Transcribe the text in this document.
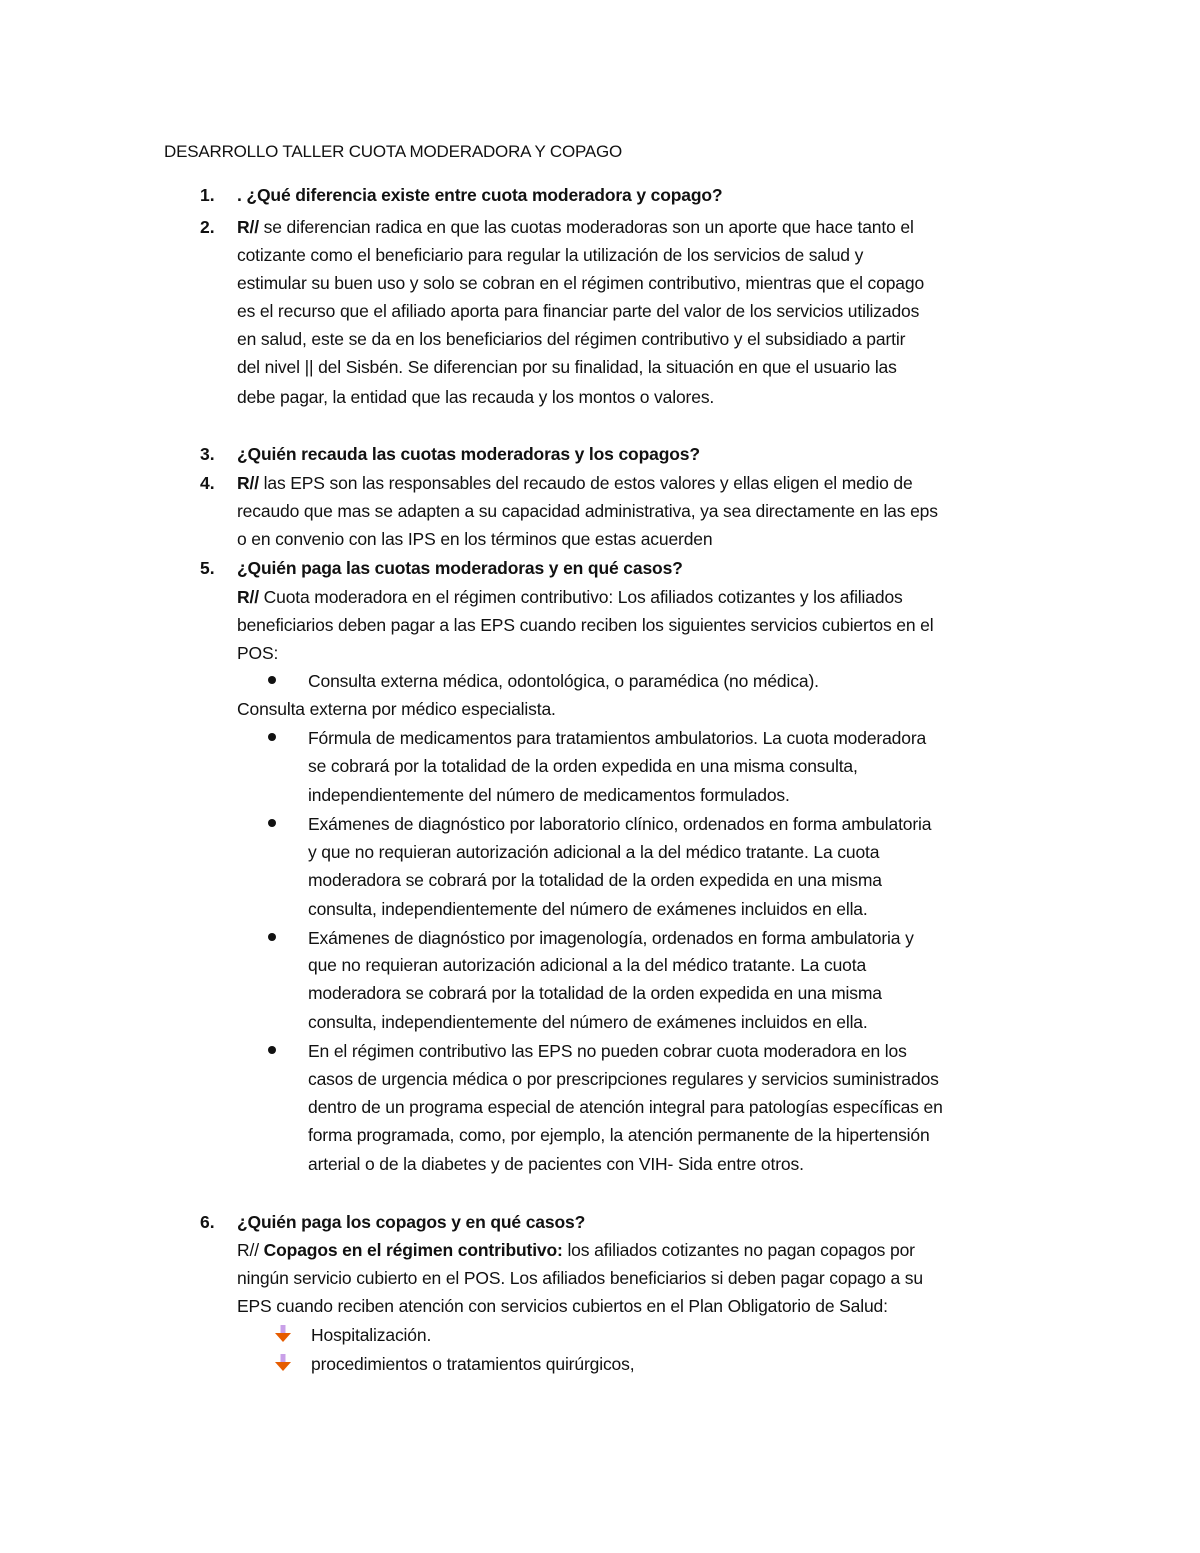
DESARROLLO TALLER CUOTA MODERADORA Y COPAGO
1. . ¿Qué diferencia existe entre cuota moderadora y copago?
2. R// se diferencian radica en que las cuotas moderadoras son un aporte que hace tanto el
cotizante como el beneficiario para regular la utilización de los servicios de salud y
estimular su buen uso y solo se cobran en el régimen contributivo, mientras que el copago
es el recurso que el afiliado aporta para financiar parte del valor de los servicios utilizados
en salud, este se da en los beneficiarios del régimen contributivo y el subsidiado a partir
del nivel || del Sisbén. Se diferencian por su finalidad, la situación en que el usuario las
debe pagar, la entidad que las recauda y los montos o valores.
3. ¿Quién recauda las cuotas moderadoras y los copagos?
4. R// las EPS son las responsables del recaudo de estos valores y ellas eligen el medio de
recaudo que mas se adapten a su capacidad administrativa, ya sea directamente en las eps
o en convenio con las IPS en los términos que estas acuerden
5. ¿Quién paga las cuotas moderadoras y en qué casos?
R// Cuota moderadora en el régimen contributivo: Los afiliados cotizantes y los afiliados
beneficiarios deben pagar a las EPS cuando reciben los siguientes servicios cubiertos en el
POS:
Consulta externa médica, odontológica, o paramédica (no médica).
Consulta externa por médico especialista.
Fórmula de medicamentos para tratamientos ambulatorios. La cuota moderadora
se cobrará por la totalidad de la orden expedida en una misma consulta,
independientemente del número de medicamentos formulados.
Exámenes de diagnóstico por laboratorio clínico, ordenados en forma ambulatoria
y que no requieran autorización adicional a la del médico tratante. La cuota
moderadora se cobrará por la totalidad de la orden expedida en una misma
consulta, independientemente del número de exámenes incluidos en ella.
Exámenes de diagnóstico por imagenología, ordenados en forma ambulatoria y
que no requieran autorización adicional a la del médico tratante. La cuota
moderadora se cobrará por la totalidad de la orden expedida en una misma
consulta, independientemente del número de exámenes incluidos en ella.
En el régimen contributivo las EPS no pueden cobrar cuota moderadora en los
casos de urgencia médica o por prescripciones regulares y servicios suministrados
dentro de un programa especial de atención integral para patologías específicas en
forma programada, como, por ejemplo, la atención permanente de la hipertensión
arterial o de la diabetes y de pacientes con VIH- Sida entre otros.
6. ¿Quién paga los copagos y en qué casos?
R// Copagos en el régimen contributivo: los afiliados cotizantes no pagan copagos por
ningún servicio cubierto en el POS. Los afiliados beneficiarios si deben pagar copago a su
EPS cuando reciben atención con servicios cubiertos en el Plan Obligatorio de Salud:
Hospitalización.
procedimientos o tratamientos quirúrgicos,
